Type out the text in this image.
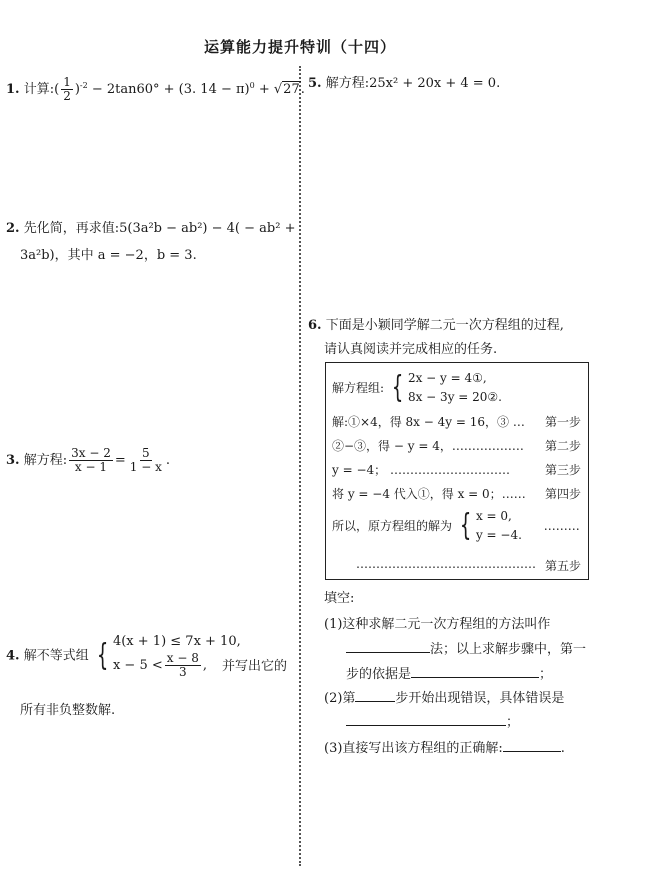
运算能力提升特训（十四）
1. 计算:( $\frac{1}{2} )^{-2} - 2\tan 60^\circ + (3$. 14 − π)$^0$ + √27.
2. 先化简，再求值:5(3a²b − ab²) − 4( − ab² +
3a²b)，其中 a = −2，b = 3.
3. 解方程: $\frac{3x - 2}{x - 1} = \frac{5}{1 - x}$ .
4. 解不等式组 { 4(x + 1) ≤ 7x + 10,
$x - 5 < \frac{x - 8}{3}$ ,	并写出它的
所有非负整数解.
5. 解方程:25x² + 20x + 4 = 0.
6. 下面是小颖同学解二元一次方程组的过程,
请认真阅读并完成相应的任务.
解方程组: { 2x − y = 4①,
8x − 3y = 20②.
解:①×4，得 8x − 4y = 16，③ … 第一步
②−③，得 − y = 4，……………… 第二步
y = −4； …………………………	第三步
将 y = −4 代入①，得 x = 0；…… 第四步
所以，原方程组的解为 { x = 0,
y = −4.
………
……………………………………… 第五步
填空:
(1)这种求解二元一次方程组的方法叫作
法；以上求解步骤中，第一
步的依据是	；
(2)第	步开始出现错误，具体错误是
；
(3)直接写出该方程组的正确解:	.
